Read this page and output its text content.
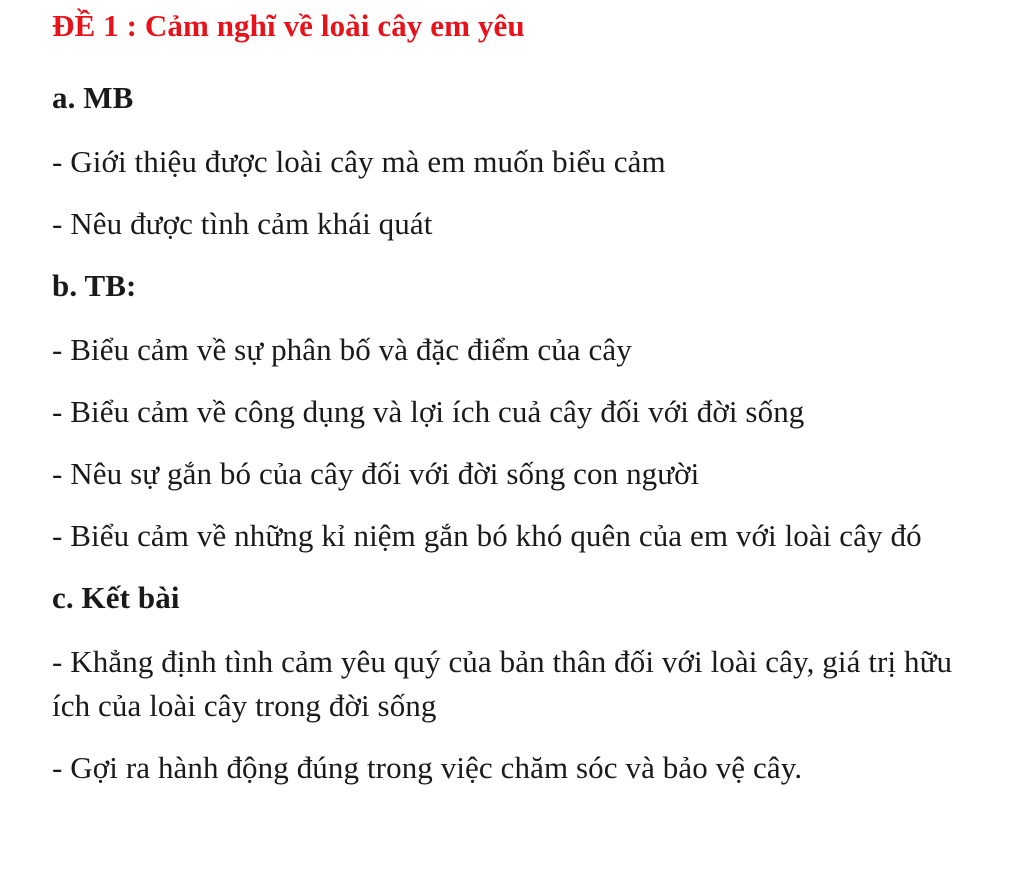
ĐỀ 1 : Cảm nghĩ về loài cây em yêu
a. MB
- Giới thiệu được loài cây mà em muốn biểu cảm
- Nêu được tình cảm khái quát
b. TB:
- Biểu cảm về sự phân bố và đặc điểm của cây
- Biểu cảm về công dụng và lợi ích cuả cây đối với đời sống
- Nêu sự gắn bó của cây đối với đời sống con người
- Biểu cảm về những kỉ niệm gắn bó khó quên của em với loài cây đó
c. Kết bài
- Khẳng định tình cảm yêu quý của bản thân đối với loài cây, giá trị hữu ích của loài cây trong đời sống
- Gợi ra hành động đúng trong việc chăm sóc và bảo vệ cây.
